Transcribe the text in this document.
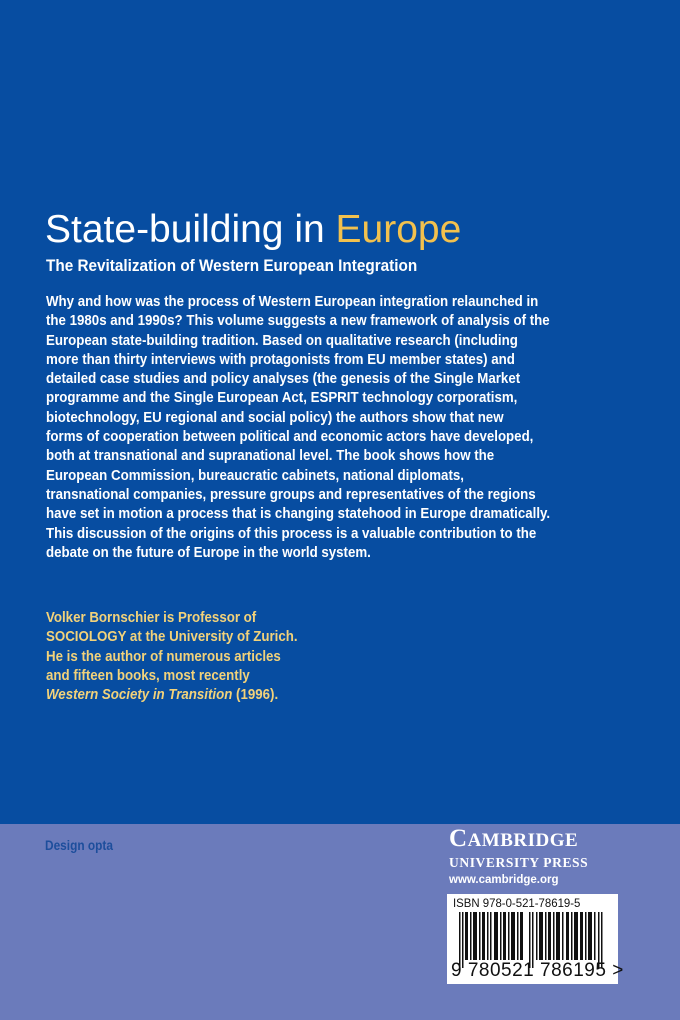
State-building in Europe
The Revitalization of Western European Integration
Why and how was the process of Western European integration relaunched in
the 1980s and 1990s? This volume suggests a new framework of analysis of the
European state-building tradition. Based on qualitative research (including
more than thirty interviews with protagonists from EU member states) and
detailed case studies and policy analyses (the genesis of the Single Market
programme and the Single European Act, ESPRIT technology corporatism,
biotechnology, EU regional and social policy) the authors show that new
forms of cooperation between political and economic actors have developed,
both at transnational and supranational level. The book shows how the
European Commission, bureaucratic cabinets, national diplomats,
transnational companies, pressure groups and representatives of the regions
have set in motion a process that is changing statehood in Europe dramatically.
This discussion of the origins of this process is a valuable contribution to the
debate on the future of Europe in the world system.
Volker Bornschier is Professor of
SOCIOLOGY at the University of Zurich.
He is the author of numerous articles
and fifteen books, most recently
Western Society in Transition (1996).
Design opta	CAMBRIDGE
UNIVERSITY PRESS
www.cambridge.org
ISBN 978-0-521-78619-5
9 780521 786195 >
